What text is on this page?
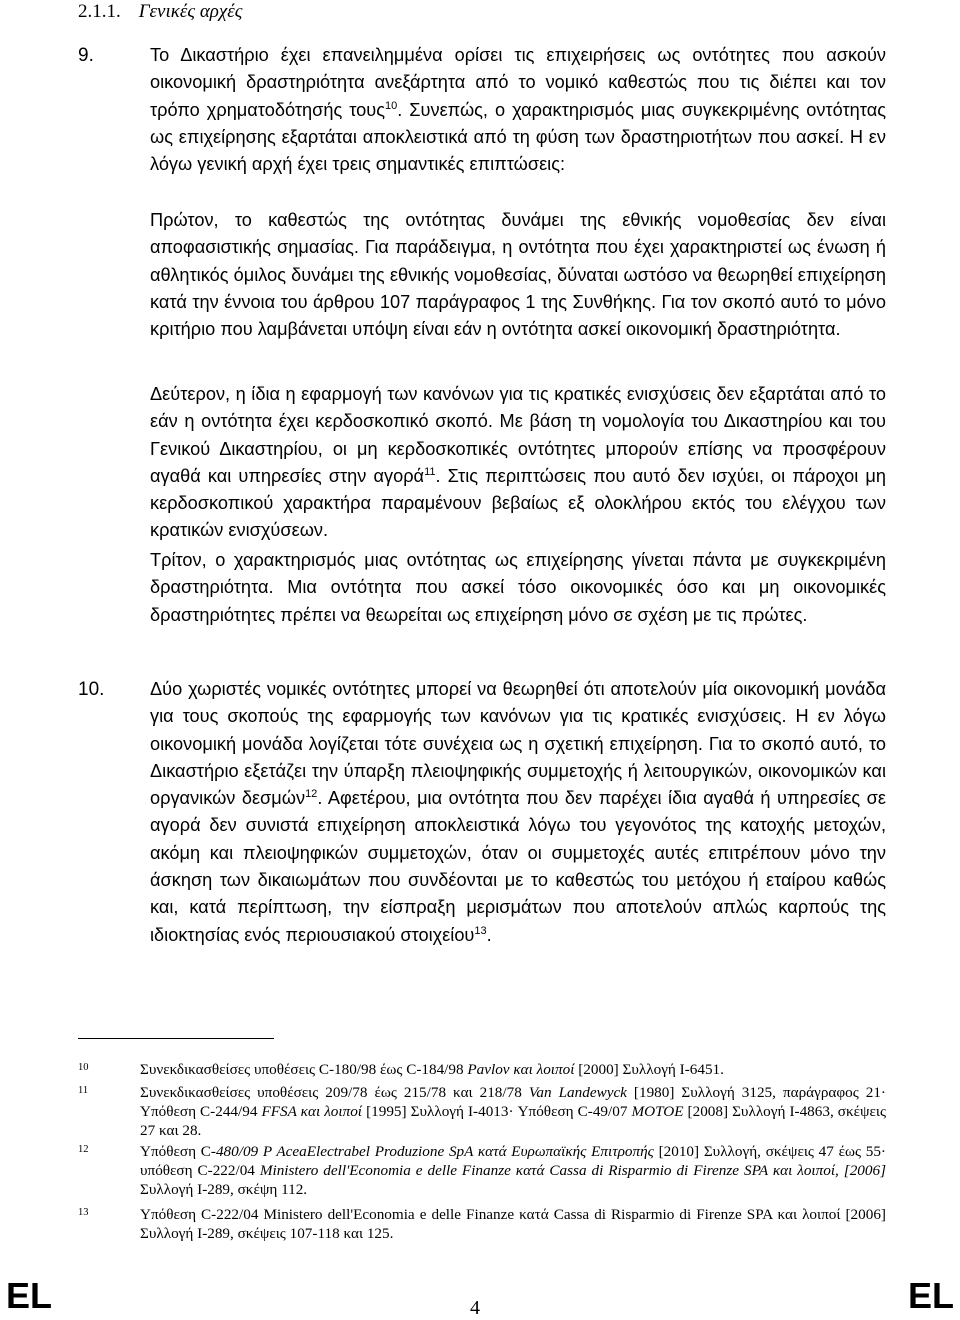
2.1.1. Γενικές αρχές
9.	Το Δικαστήριο έχει επανειλημμένα ορίσει τις επιχειρήσεις ως οντότητες που ασκούν οικονομική δραστηριότητα ανεξάρτητα από το νομικό καθεστώς που τις διέπει και τον τρόπο χρηματοδότησής τους$^{10}$. Συνεπώς, ο χαρακτηρισμός μιας συγκεκριμένης οντότητας ως επιχείρησης εξαρτάται αποκλειστικά από τη φύση των δραστηριοτήτων που ασκεί. Η εν λόγω γενική αρχή έχει τρεις σημαντικές επιπτώσεις:
Πρώτον, το καθεστώς της οντότητας δυνάμει της εθνικής νομοθεσίας δεν είναι αποφασιστικής σημασίας. Για παράδειγμα, η οντότητα που έχει χαρακτηριστεί ως ένωση ή αθλητικός όμιλος δυνάμει της εθνικής νομοθεσίας, δύναται ωστόσο να θεωρηθεί επιχείρηση κατά την έννοια του άρθρου 107 παράγραφος 1 της Συνθήκης. Για τον σκοπό αυτό το μόνο κριτήριο που λαμβάνεται υπόψη είναι εάν η οντότητα ασκεί οικονομική δραστηριότητα.
Δεύτερον, η ίδια η εφαρμογή των κανόνων για τις κρατικές ενισχύσεις δεν εξαρτάται από το εάν η οντότητα έχει κερδοσκοπικό σκοπό. Με βάση τη νομολογία του Δικαστηρίου και του Γενικού Δικαστηρίου, οι μη κερδοσκοπικές οντότητες μπορούν επίσης να προσφέρουν αγαθά και υπηρεσίες στην αγορά$^{11}$. Στις περιπτώσεις που αυτό δεν ισχύει, οι πάροχοι μη κερδοσκοπικού χαρακτήρα παραμένουν βεβαίως εξ ολοκλήρου εκτός του ελέγχου των κρατικών ενισχύσεων.
Τρίτον, ο χαρακτηρισμός μιας οντότητας ως επιχείρησης γίνεται πάντα με συγκεκριμένη δραστηριότητα. Μια οντότητα που ασκεί τόσο οικονομικές όσο και μη οικονομικές δραστηριότητες πρέπει να θεωρείται ως επιχείρηση μόνο σε σχέση με τις πρώτες.
10.	Δύο χωριστές νομικές οντότητες μπορεί να θεωρηθεί ότι αποτελούν μία οικονομική μονάδα για τους σκοπούς της εφαρμογής των κανόνων για τις κρατικές ενισχύσεις. Η εν λόγω οικονομική μονάδα λογίζεται τότε συνέχεια ως η σχετική επιχείρηση. Για το σκοπό αυτό, το Δικαστήριο εξετάζει την ύπαρξη πλειοψηφικής συμμετοχής ή λειτουργικών, οικονομικών και οργανικών δεσμών$^{12}$. Αφετέρου, μια οντότητα που δεν παρέχει ίδια αγαθά ή υπηρεσίες σε αγορά δεν συνιστά επιχείρηση αποκλειστικά λόγω του γεγονότος της κατοχής μετοχών, ακόμη και πλειοψηφικών συμμετοχών, όταν οι συμμετοχές αυτές επιτρέπουν μόνο την άσκηση των δικαιωμάτων που συνδέονται με το καθεστώς του μετόχου ή εταίρου καθώς και, κατά περίπτωση, την είσπραξη μερισμάτων που αποτελούν απλώς καρπούς της ιδιοκτησίας ενός περιουσιακού στοιχείου$^{13}$.
10	Συνεκδικασθείσες υποθέσεις C-180/98 έως C-184/98 Pavlov και λοιποί [2000] Συλλογή I-6451.
11	Συνεκδικασθείσες υποθέσεις 209/78 έως 215/78 και 218/78 Van Landewyck [1980] Συλλογή 3125, παράγραφος 21· Υπόθεση C-244/94 FFSA και λοιποί [1995] Συλλογή I-4013· Υπόθεση C-49/07 MOTOE [2008] Συλλογή I-4863, σκέψεις 27 και 28.
12	Υπόθεση C-480/09 P AceaElectrabel Produzione SpA κατά Ευρωπαϊκής Επιτροπής [2010] Συλλογή, σκέψεις 47 έως 55· υπόθεση C-222/04 Ministero dell'Economia e delle Finanze κατά Cassa di Risparmio di Firenze SPA και λοιποί, [2006] Συλλογή I-289, σκέψη 112.
13	Υπόθεση C-222/04 Ministero dell'Economia e delle Finanze κατά Cassa di Risparmio di Firenze SPA και λοιποί [2006] Συλλογή I-289, σκέψεις 107-118 και 125.
EL	4	EL
